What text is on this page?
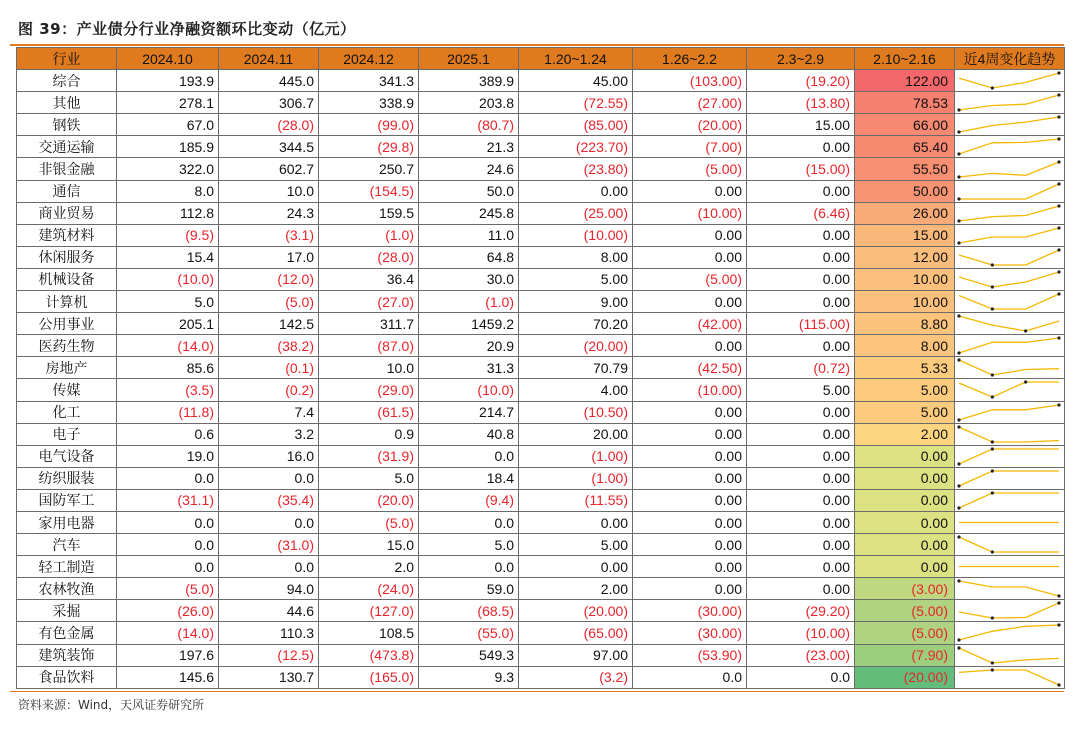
图 39：产业债分行业净融资额环比变动（亿元）
行业	2024.10	2024.11	2024.12	2025.1	1.20~1.24	1.26~2.2	2.3~2.9	2.10~2.16	近4周变化趋势
综合	193.9	445.0	341.3	389.9	45.00	(103.00)	(19.20)	122.00	

其他	278.1	306.7	338.9	203.8	(72.55)	(27.00)	(13.80)	78.53	

钢铁	67.0	(28.0)	(99.0)	(80.7)	(85.00)	(20.00)	15.00	66.00	

交通运输	185.9	344.5	(29.8)	21.3	(223.70)	(7.00)	0.00	65.40	

非银金融	322.0	602.7	250.7	24.6	(23.80)	(5.00)	(15.00)	55.50	

通信	8.0	10.0	(154.5)	50.0	0.00	0.00	0.00	50.00	

商业贸易	112.8	24.3	159.5	245.8	(25.00)	(10.00)	(6.46)	26.00	

建筑材料	(9.5)	(3.1)	(1.0)	11.0	(10.00)	0.00	0.00	15.00	

休闲服务	15.4	17.0	(28.0)	64.8	8.00	0.00	0.00	12.00	

机械设备	(10.0)	(12.0)	36.4	30.0	5.00	(5.00)	0.00	10.00	

计算机	5.0	(5.0)	(27.0)	(1.0)	9.00	0.00	0.00	10.00	

公用事业	205.1	142.5	311.7	1459.2	70.20	(42.00)	(115.00)	8.80	

医药生物	(14.0)	(38.2)	(87.0)	20.9	(20.00)	0.00	0.00	8.00	

房地产	85.6	(0.1)	10.0	31.3	70.79	(42.50)	(0.72)	5.33	

传媒	(3.5)	(0.2)	(29.0)	(10.0)	4.00	(10.00)	5.00	5.00	

化工	(11.8)	7.4	(61.5)	214.7	(10.50)	0.00	0.00	5.00	

电子	0.6	3.2	0.9	40.8	20.00	0.00	0.00	2.00	

电气设备	19.0	16.0	(31.9)	0.0	(1.00)	0.00	0.00	0.00	

纺织服装	0.0	0.0	5.0	18.4	(1.00)	0.00	0.00	0.00	

国防军工	(31.1)	(35.4)	(20.0)	(9.4)	(11.55)	0.00	0.00	0.00	

家用电器	0.0	0.0	(5.0)	0.0	0.00	0.00	0.00	0.00	

汽车	0.0	(31.0)	15.0	5.0	5.00	0.00	0.00	0.00	

轻工制造	0.0	0.0	2.0	0.0	0.00	0.00	0.00	0.00	

农林牧渔	(5.0)	94.0	(24.0)	59.0	2.00	0.00	0.00	(3.00)	

采掘	(26.0)	44.6	(127.0)	(68.5)	(20.00)	(30.00)	(29.20)	(5.00)	

有色金属	(14.0)	110.3	108.5	(55.0)	(65.00)	(30.00)	(10.00)	(5.00)	

建筑装饰	197.6	(12.5)	(473.8)	549.3	97.00	(53.90)	(23.00)	(7.90)	

食品饮料	145.6	130.7	(165.0)	9.3	(3.2)	0.0	0.0	(20.00)	
资料来源：Wind，天风证券研究所
